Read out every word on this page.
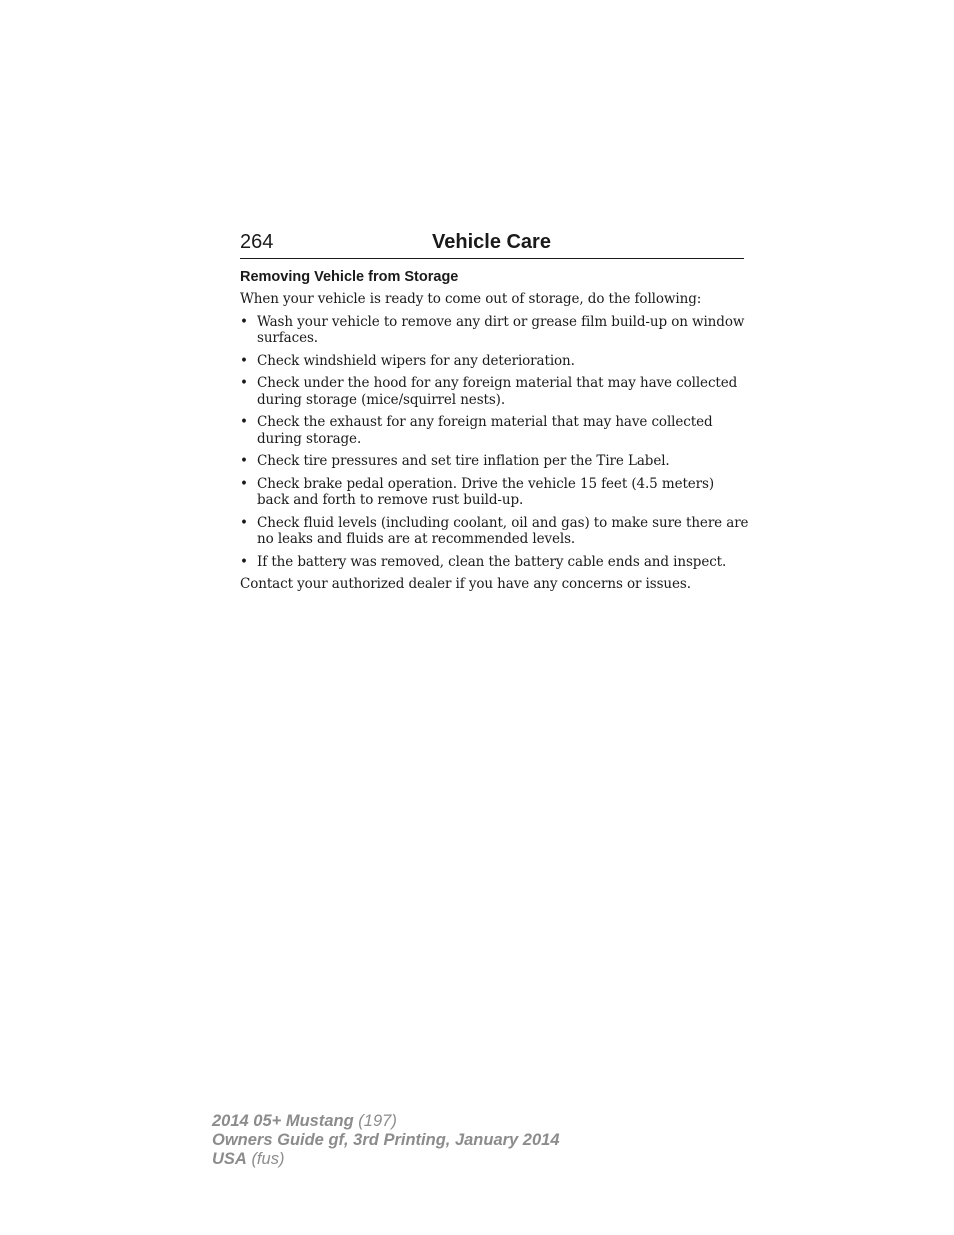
264	Vehicle Care
Removing Vehicle from Storage

When your vehicle is ready to come out of storage, do the following:

• Wash your vehicle to remove any dirt or grease film build-up on window surfaces.
• Check windshield wipers for any deterioration.
• Check under the hood for any foreign material that may have collected during storage (mice/squirrel nests).
• Check the exhaust for any foreign material that may have collected during storage.
• Check tire pressures and set tire inflation per the Tire Label.
• Check brake pedal operation. Drive the vehicle 15 feet (4.5 meters) back and forth to remove rust build-up.
• Check fluid levels (including coolant, oil and gas) to make sure there are no leaks and fluids are at recommended levels.
• If the battery was removed, clean the battery cable ends and inspect.

Contact your authorized dealer if you have any concerns or issues.

2014 05+ Mustang (197)
Owners Guide gf, 3rd Printing, January 2014
USA (fus)
